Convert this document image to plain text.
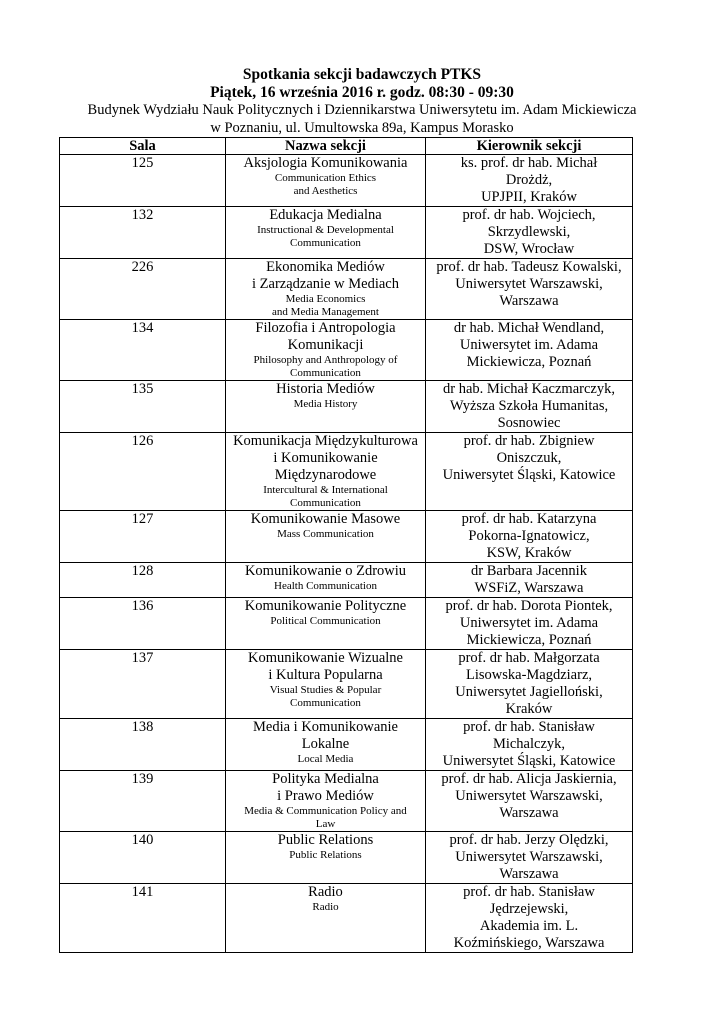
Spotkania sekcji badawczych PTKS
Piątek, 16 września 2016 r. godz. 08:30 - 09:30
Budynek Wydziału Nauk Politycznych i Dziennikarstwa Uniwersytetu im. Adam Mickiewicza
w Poznaniu, ul. Umultowska 89a, Kampus Morasko
Sala	Nazwa sekcji	Kierownik sekcji
125	Aksjologia Komunikowania
Communication Ethics
and Aesthetics	ks. prof. dr hab. Michał
Drożdż,
UPJPII, Kraków

132	Edukacja Medialna
Instructional & Developmental
Communication	prof. dr hab. Wojciech,
Skrzydlewski,
DSW, Wrocław

226	Ekonomika Mediów
i Zarządzanie w Mediach
Media Economics
and Media Management	prof. dr hab. Tadeusz Kowalski,
Uniwersytet Warszawski,
Warszawa

134	Filozofia i Antropologia
Komunikacji
Philosophy and Anthropology of
Communication	dr hab. Michał Wendland,
Uniwersytet im. Adama
Mickiewicza, Poznań

135	Historia Mediów
Media History	dr hab. Michał Kaczmarczyk,
Wyższa Szkoła Humanitas,
Sosnowiec

126	Komunikacja Międzykulturowa
i Komunikowanie
Międzynarodowe
Intercultural & International
Communication	prof. dr hab. Zbigniew
Oniszczuk,
Uniwersytet Śląski, Katowice

127	Komunikowanie Masowe
Mass Communication	prof. dr hab. Katarzyna
Pokorna-Ignatowicz,
KSW, Kraków

128	Komunikowanie o Zdrowiu
Health Communication	dr Barbara Jacennik
WSFiZ, Warszawa

136	Komunikowanie Polityczne
Political Communication	prof. dr hab. Dorota Piontek,
Uniwersytet im. Adama
Mickiewicza, Poznań

137	Komunikowanie Wizualne
i Kultura Popularna
Visual Studies & Popular
Communication	prof. dr hab. Małgorzata
Lisowska-Magdziarz,
Uniwersytet Jagielloński,
Kraków

138	Media i Komunikowanie
Lokalne
Local Media	prof. dr hab. Stanisław
Michalczyk,
Uniwersytet Śląski, Katowice

139	Polityka Medialna
i Prawo Mediów
Media & Communication Policy and
Law	prof. dr hab. Alicja Jaskiernia,
Uniwersytet Warszawski,
Warszawa

140	Public Relations
Public Relations	prof. dr hab. Jerzy Olędzki,
Uniwersytet Warszawski,
Warszawa

141	Radio
Radio	prof. dr hab. Stanisław
Jędrzejewski,
Akademia im. L.
Koźmińskiego, Warszawa
